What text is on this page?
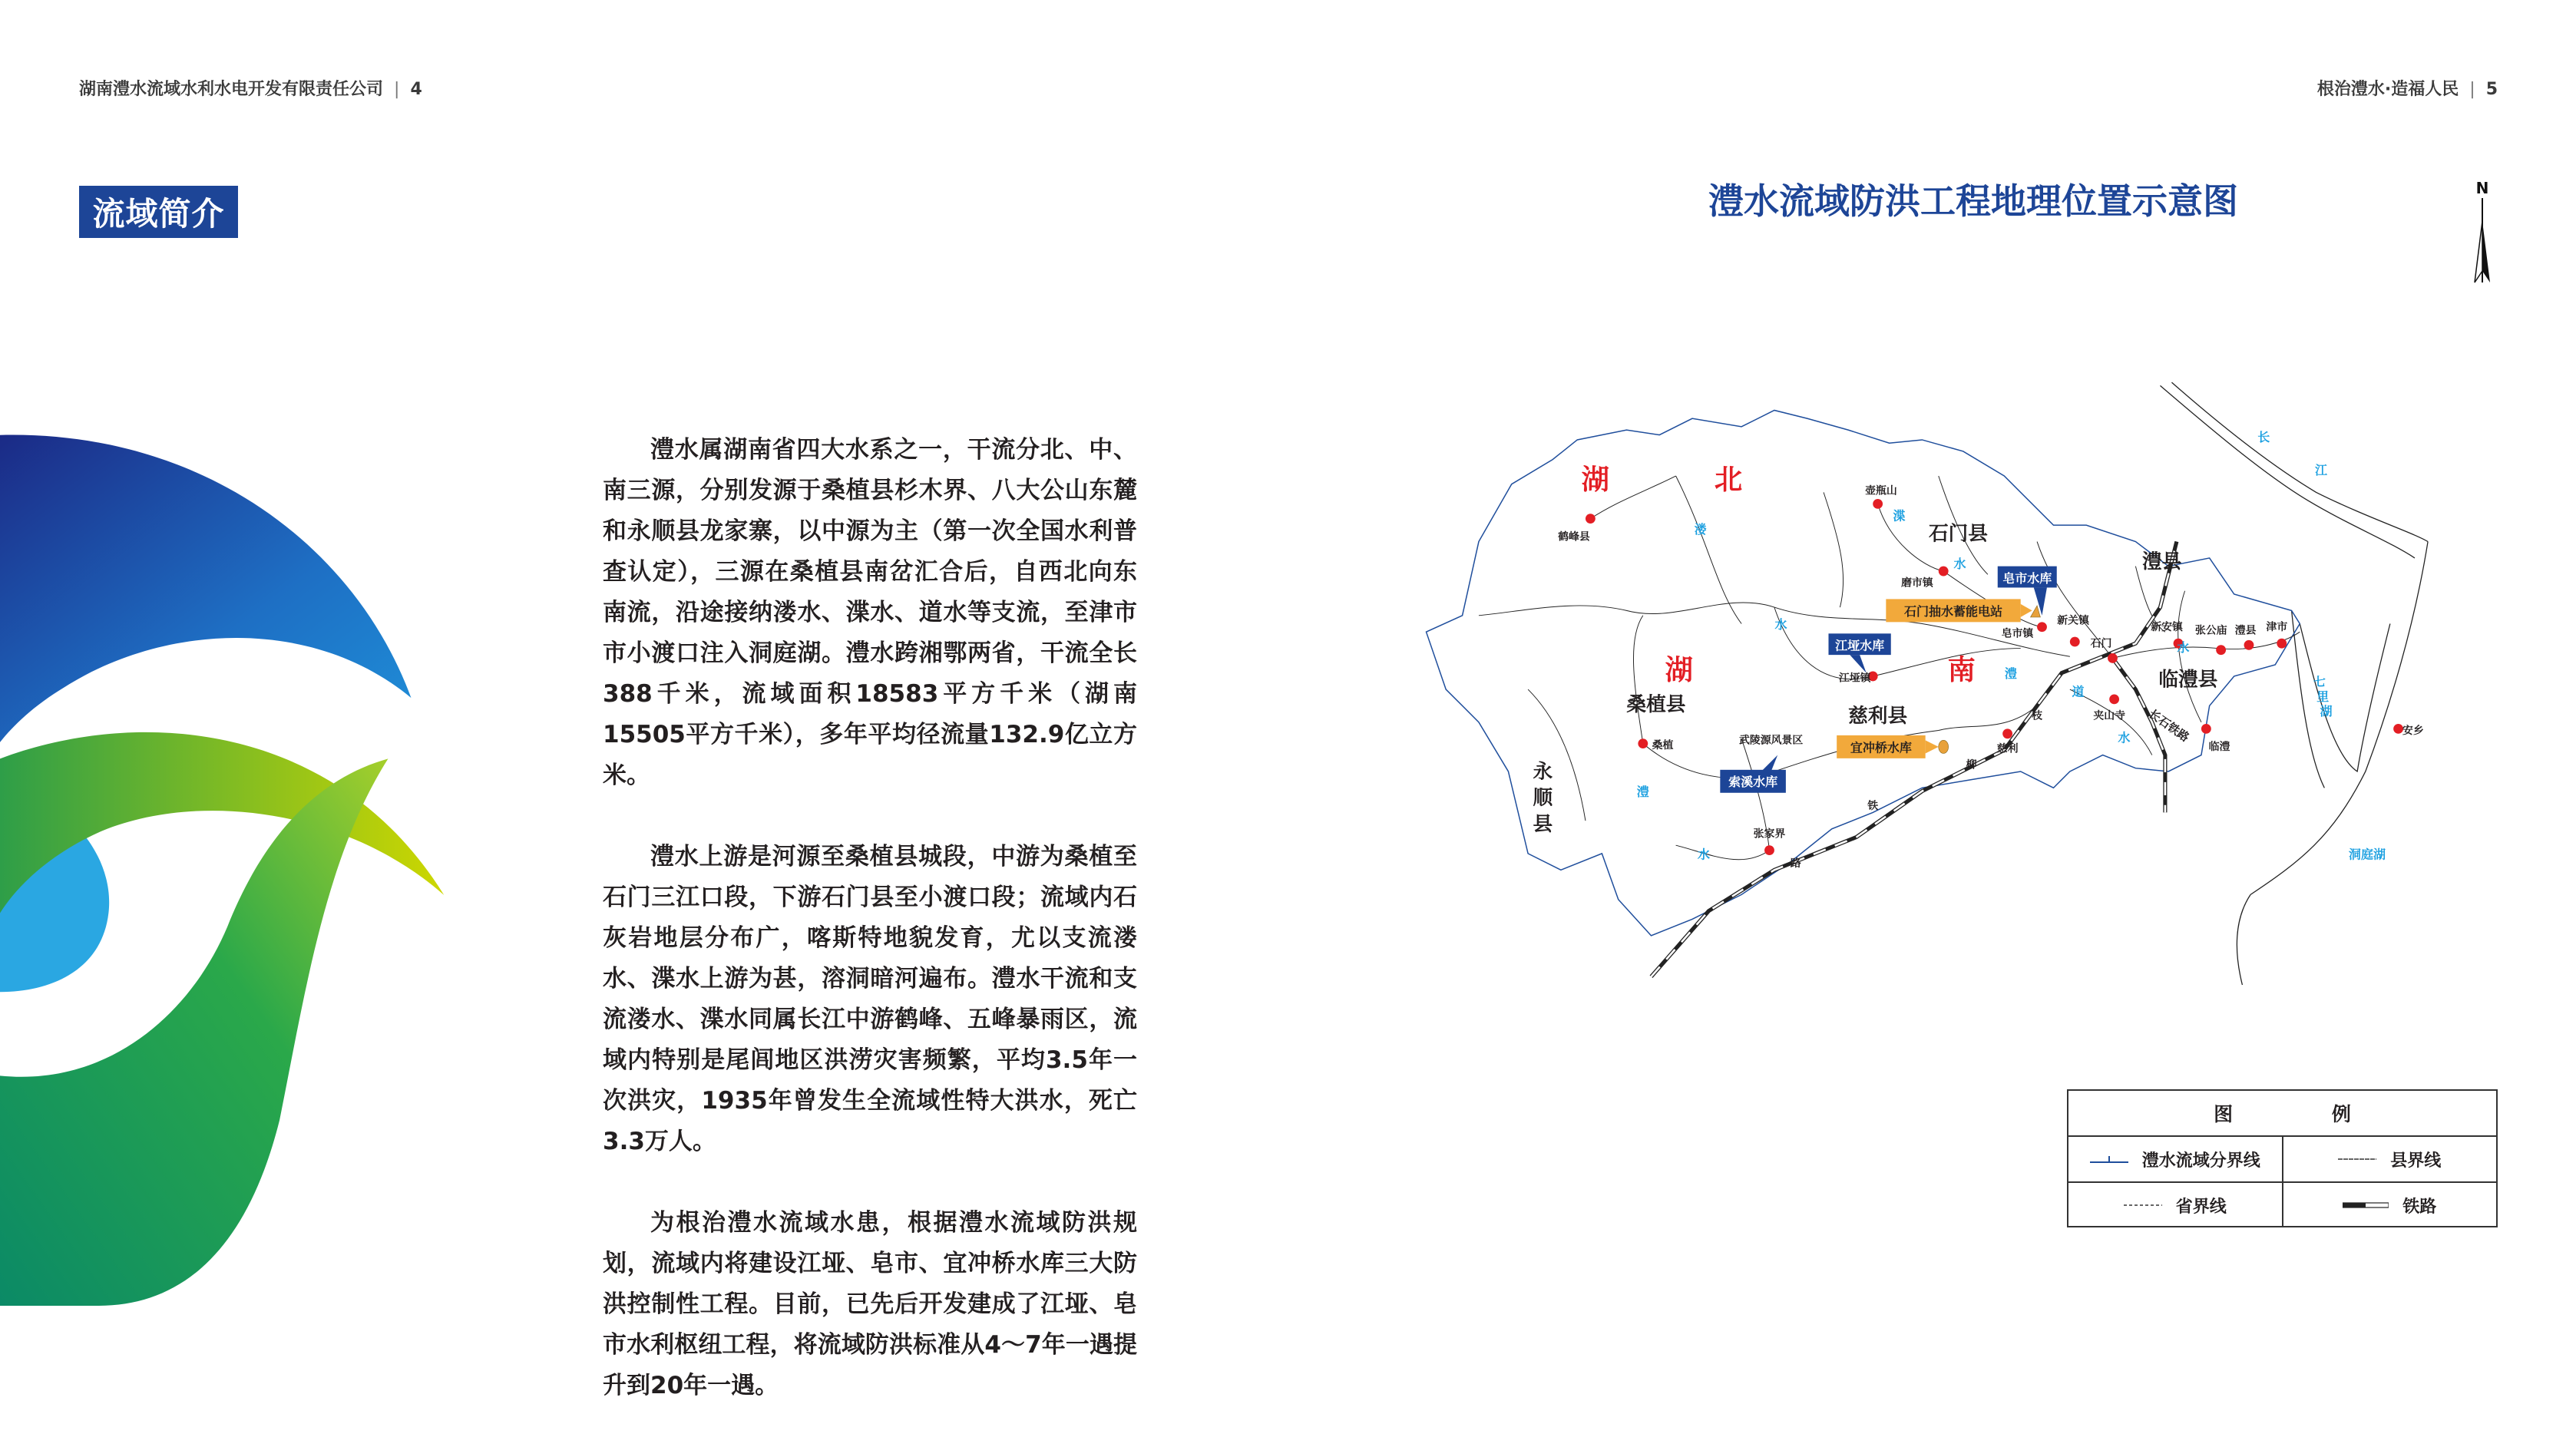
湖南澧水流域水利水电开发有限责任公司 | 4	根治澧水·造福人民 | 5
流域简介

澧水属湖南省四大水系之一，干流分北、中、南三源，分别发源于桑植县杉木界、八大公山东麓和永顺县龙家寨，以中源为主（第一次全国水利普查认定），三源在桑植县南岔汇合后，自西北向东南流，沿途接纳溇水、渫水、道水等支流，至津市市小渡口注入洞庭湖。澧水跨湘鄂两省，干流全长388千米，流域面积18583平方千米（湖南15505平方千米），多年平均径流量132.9亿立方米。

澧水上游是河源至桑植县城段，中游为桑植至石门三江口段，下游石门县至小渡口段；流域内石灰岩地层分布广，喀斯特地貌发育，尤以支流溇水、渫水上游为甚，溶洞暗河遍布。澧水干流和支流溇水、渫水同属长江中游鹤峰、五峰暴雨区，流域内特别是尾闾地区洪涝灾害频繁，平均3.5年一次洪灾，1935年曾发生全流域性特大洪水，死亡3.3万人。

为根治澧水流域水患，根据澧水流域防洪规划，流域内将建设江垭、皂市、宜冲桥水库三大防洪控制性工程。目前，已先后开发建成了江垭、皂市水利枢纽工程，将流域防洪标准从4～7年一遇提升到20年一遇。

澧水流域防洪工程地理位置示意图	N
湖	北
湖	南
石门县
澧县
临澧县
桑植县	慈利县
永
顺
县
鹤峰县
壶瓶山
磨市镇
皂市镇
新关镇
石门
新安镇 张公庙 澧县 津市
夹山寺
临澧
安乡
江垭镇
桑植	慈利
张家界
武陵源风景区
溇
水
渫
水
澧
道
水
水
澧
水
长
江
七
里
湖
洞庭湖
枝
柳
铁
路
长石铁路
皂市水库
江垭水库
索溪水库
石门抽水蓄能电站
宜冲桥水库
图 例
澧水流域分界线	县界线
省界线	铁路
